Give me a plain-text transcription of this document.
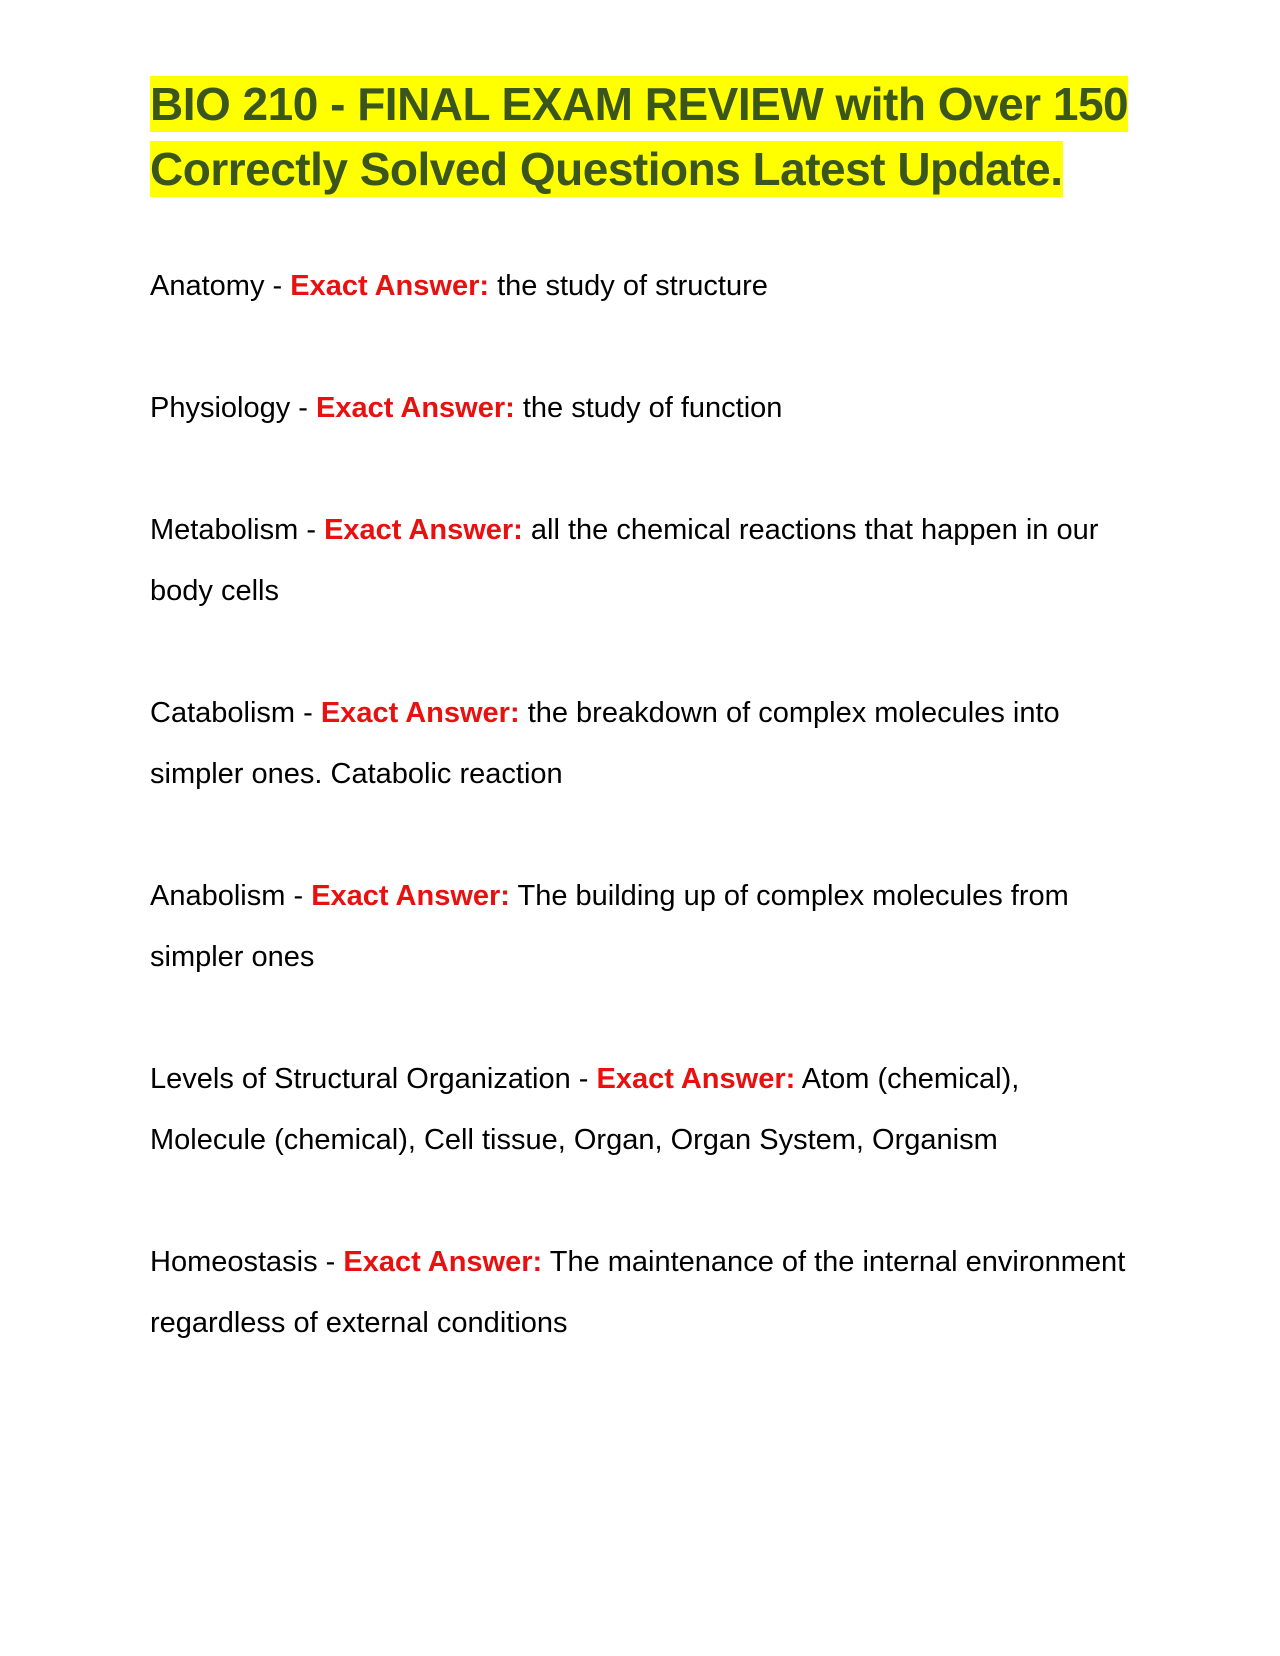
BIO 210 - FINAL EXAM REVIEW with Over 150 Correctly Solved Questions Latest Update.

Anatomy - Exact Answer: the study of structure

Physiology - Exact Answer: the study of function

Metabolism - Exact Answer: all the chemical reactions that happen in our body cells

Catabolism - Exact Answer: the breakdown of complex molecules into simpler ones. Catabolic reaction

Anabolism - Exact Answer: The building up of complex molecules from simpler ones

Levels of Structural Organization - Exact Answer: Atom (chemical), Molecule (chemical), Cell tissue, Organ, Organ System, Organism

Homeostasis - Exact Answer: The maintenance of the internal environment regardless of external conditions
